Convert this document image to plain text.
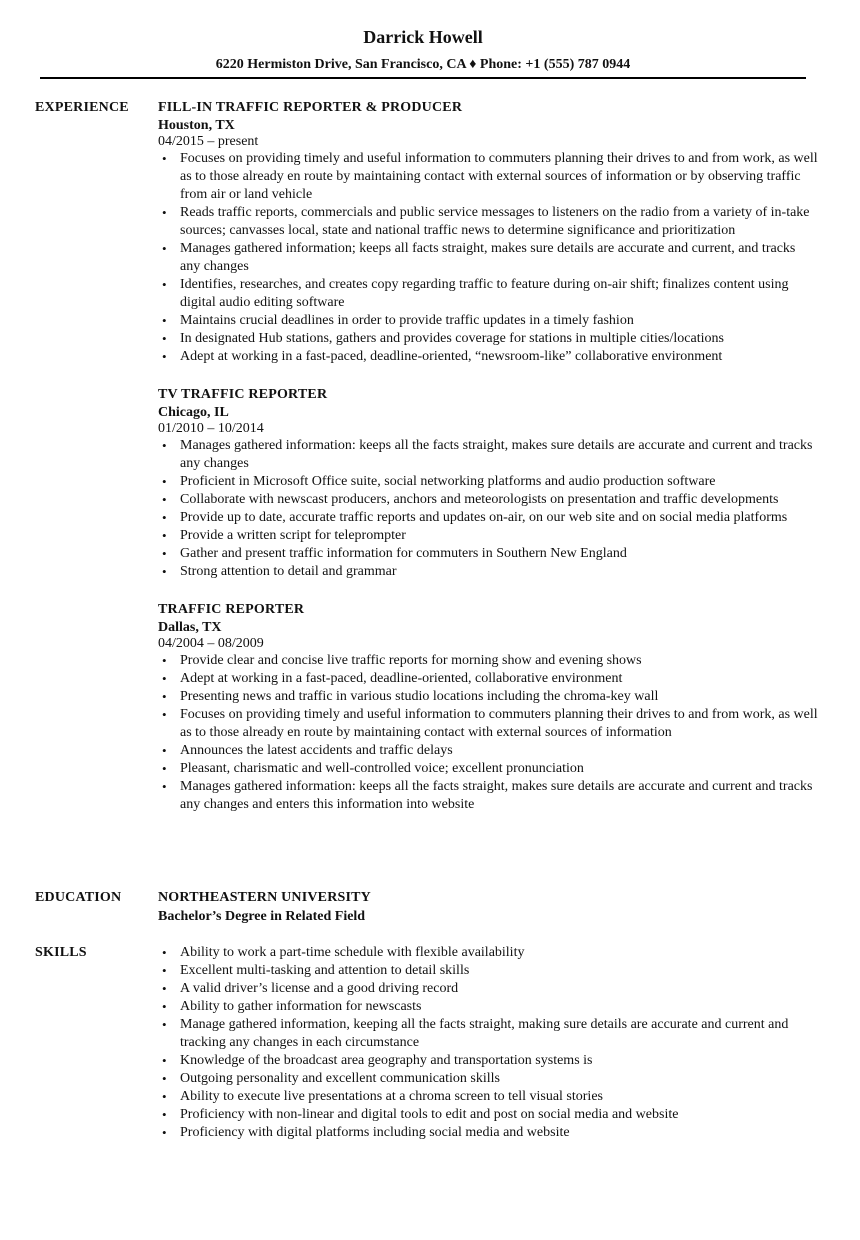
Darrick Howell
6220 Hermiston Drive, San Francisco, CA ♦ Phone: +1 (555) 787 0944
EXPERIENCE FILL-IN TRAFFIC REPORTER & PRODUCER
Houston, TX
04/2015 – present
• Focuses on providing timely and useful information to commuters planning their drives to and from work, as well as to those already en route by maintaining contact with external sources of information or by observing traffic from air or land vehicle
• Reads traffic reports, commercials and public service messages to listeners on the radio from a variety of in-take sources; canvasses local, state and national traffic news to determine significance and prioritization
• Manages gathered information; keeps all facts straight, makes sure details are accurate and current, and tracks any changes
• Identifies, researches, and creates copy regarding traffic to feature during on-air shift; finalizes content using digital audio editing software
• Maintains crucial deadlines in order to provide traffic updates in a timely fashion
• In designated Hub stations, gathers and provides coverage for stations in multiple cities/locations
• Adept at working in a fast-paced, deadline-oriented, “newsroom-like” collaborative environment
TV TRAFFIC REPORTER
Chicago, IL
01/2010 – 10/2014
• Manages gathered information: keeps all the facts straight, makes sure details are accurate and current and tracks any changes
• Proficient in Microsoft Office suite, social networking platforms and audio production software
• Collaborate with newscast producers, anchors and meteorologists on presentation and traffic developments
• Provide up to date, accurate traffic reports and updates on-air, on our web site and on social media platforms
• Provide a written script for teleprompter
• Gather and present traffic information for commuters in Southern New England
• Strong attention to detail and grammar
TRAFFIC REPORTER
Dallas, TX
04/2004 – 08/2009
• Provide clear and concise live traffic reports for morning show and evening shows
• Adept at working in a fast-paced, deadline-oriented, collaborative environment
• Presenting news and traffic in various studio locations including the chroma-key wall
• Focuses on providing timely and useful information to commuters planning their drives to and from work, as well as to those already en route by maintaining contact with external sources of information
• Announces the latest accidents and traffic delays
• Pleasant, charismatic and well-controlled voice; excellent pronunciation
• Manages gathered information: keeps all the facts straight, makes sure details are accurate and current and tracks any changes and enters this information into website
EDUCATION	NORTHEASTERN UNIVERSITY
Bachelor’s Degree in Related Field
SKILLS
•	Ability to work a part-time schedule with flexible availability
• Excellent multi-tasking and attention to detail skills
• A valid driver’s license and a good driving record
• Ability to gather information for newscasts
• Manage gathered information, keeping all the facts straight, making sure details are accurate and current and tracking any changes in each circumstance
• Knowledge of the broadcast area geography and transportation systems is
• Outgoing personality and excellent communication skills
• Ability to execute live presentations at a chroma screen to tell visual stories
• Proficiency with non-linear and digital tools to edit and post on social media and website
• Proficiency with digital platforms including social media and website
